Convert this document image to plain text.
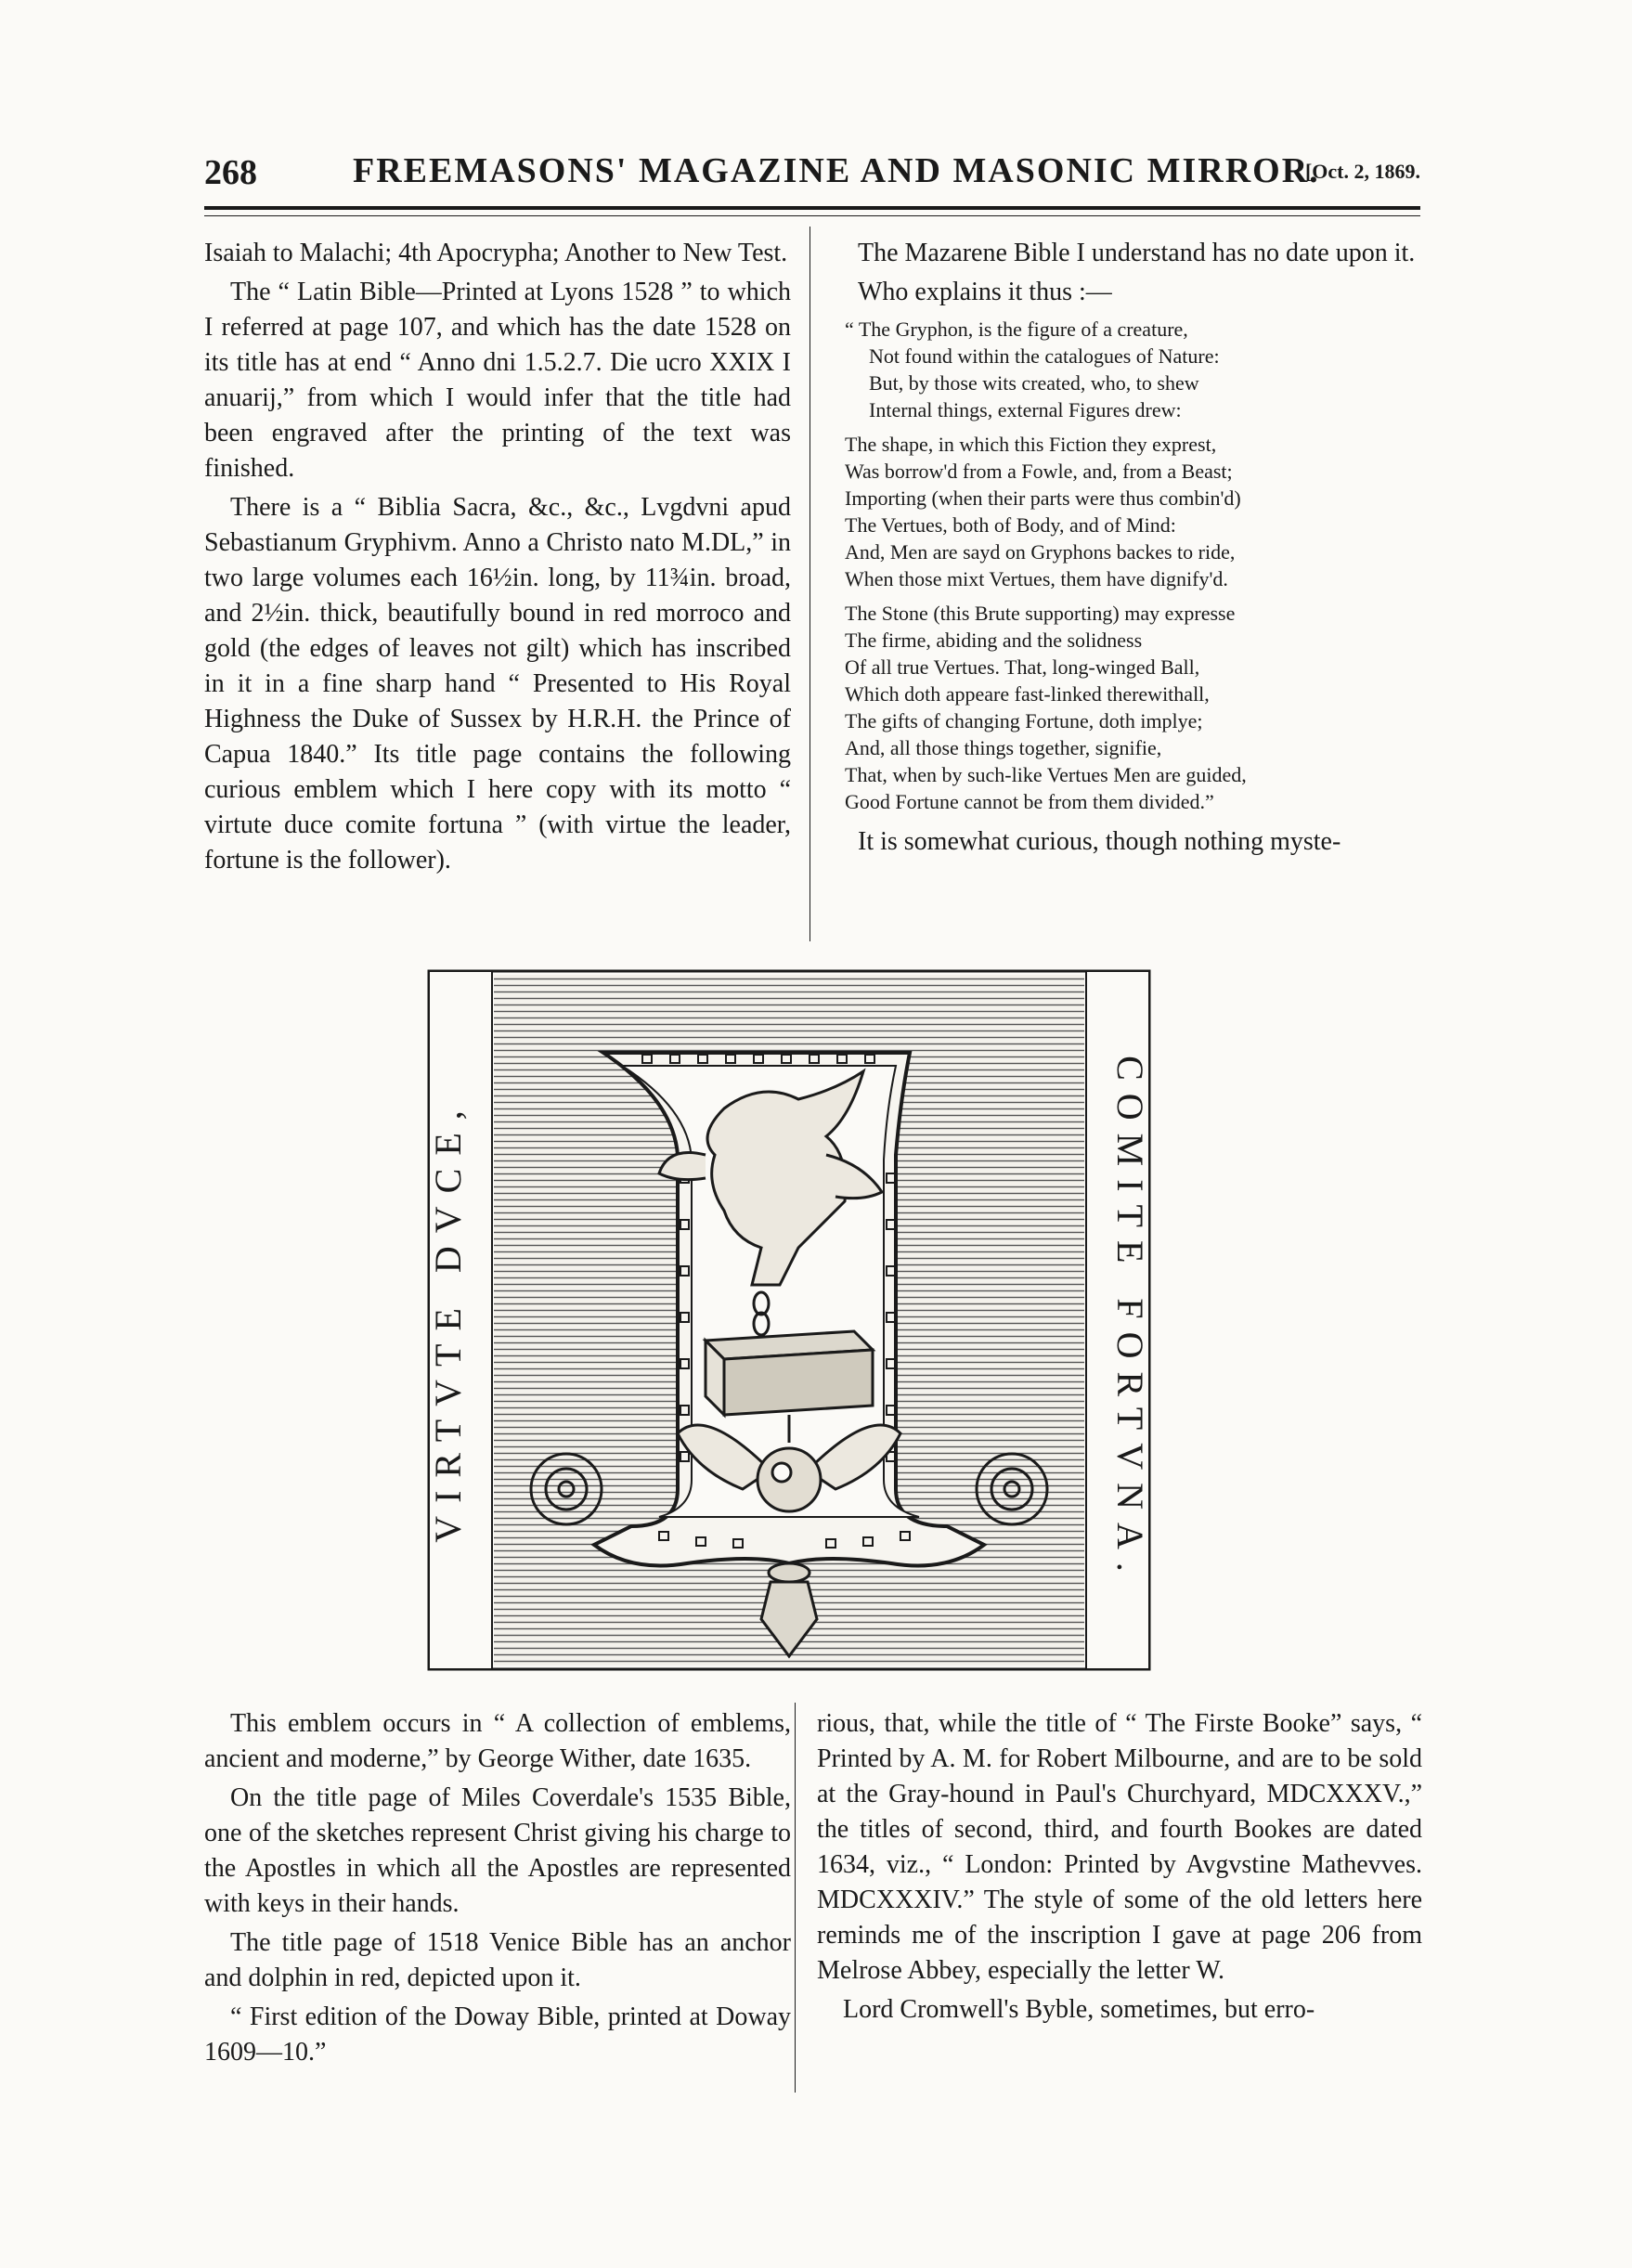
268	FREEMASONS' MAGAZINE AND MASONIC MIRROR.
[Oct. 2, 1869.

Isaiah to Malachi; 4th Apocrypha; Another to New Test.

The “ Latin Bible—Printed at Lyons 1528 ” to which I referred at page 107, and which has the date 1528 on its title has at end “ Anno dni 1.5.2.7. Die ucro XXIX I anuarij,” from which I would infer that the title had been engraved after the printing of the text was finished.

There is a “ Biblia Sacra, &c., &c., Lvgdvni apud Sebastianum Gryphivm. Anno a Christo nato M.DL,” in two large volumes each 16½in. long, by 11¾in. broad, and 2½in. thick, beautifully bound in red morroco and gold (the edges of leaves not gilt) which has inscribed in it in a fine sharp hand “ Presented to His Royal Highness the Duke of Sussex by H.R.H. the Prince of Capua 1840.” Its title page contains the following curious emblem which I here copy with its motto “ virtute duce comite fortuna ” (with virtue the leader, fortune is the follower).

The Mazarene Bible I understand has no date upon it.

Who explains it thus :—

“ The Gryphon, is the figure of a creature,
Not found within the catalogues of Nature:
But, by those wits created, who, to shew
Internal things, external Figures drew:
The shape, in which this Fiction they exprest,
Was borrow'd from a Fowle, and, from a Beast;
Importing (when their parts were thus combin'd)
The Vertues, both of Body, and of Mind:
And, Men are sayd on Gryphons backes to ride,
When those mixt Vertues, them have dignify'd.
The Stone (this Brute supporting) may expresse
The firme, abiding and the solidness
Of all true Vertues. That, long-winged Ball,
Which doth appeare fast-linked therewithall,
The gifts of changing Fortune, doth implye;
And, all those things together, signifie,
That, when by such-like Vertues Men are guided,
Good Fortune cannot be from them divided.”

It is somewhat curious, though nothing myste-

VIRTVTE DVCE,	COMITE FORTVNA.

This emblem occurs in “ A collection of emblems, ancient and moderne,” by George Wither, date 1635.

On the title page of Miles Coverdale's 1535 Bible, one of the sketches represent Christ giving his charge to the Apostles in which all the Apostles are represented with keys in their hands.

The title page of 1518 Venice Bible has an anchor and dolphin in red, depicted upon it.

“ First edition of the Doway Bible, printed at Doway 1609—10.”

rious, that, while the title of “ The Firste Booke” says, “ Printed by A. M. for Robert Milbourne, and are to be sold at the Gray-hound in Paul's Churchyard, MDCXXXV.,” the titles of second, third, and fourth Bookes are dated 1634, viz., “ London: Printed by Avgvstine Mathevves. MDCXXXIV.” The style of some of the old letters here reminds me of the inscription I gave at page 206 from Melrose Abbey, especially the letter W.

Lord Cromwell's Byble, sometimes, but erro-
